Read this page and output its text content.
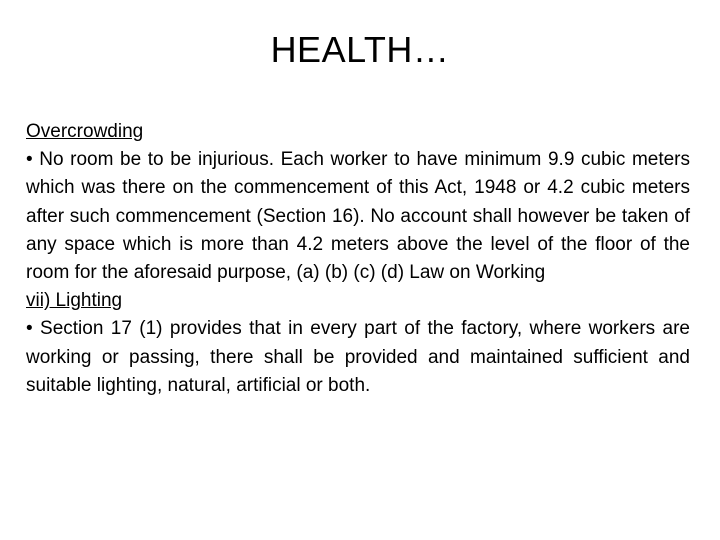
HEALTH…
Overcrowding

• No room be to be injurious. Each worker to have minimum 9.9 cubic meters which was there on the commencement of this Act, 1948 or 4.2 cubic meters after such commencement (Section 16). No account shall however be taken of any space which is more than 4.2 meters above the level of the floor of the room for the aforesaid purpose, (a) (b) (c) (d) Law on Working

vii) Lighting

• Section 17 (1) provides that in every part of the factory, where workers are working or passing, there shall be provided and maintained sufficient and suitable lighting, natural, artificial or both.
